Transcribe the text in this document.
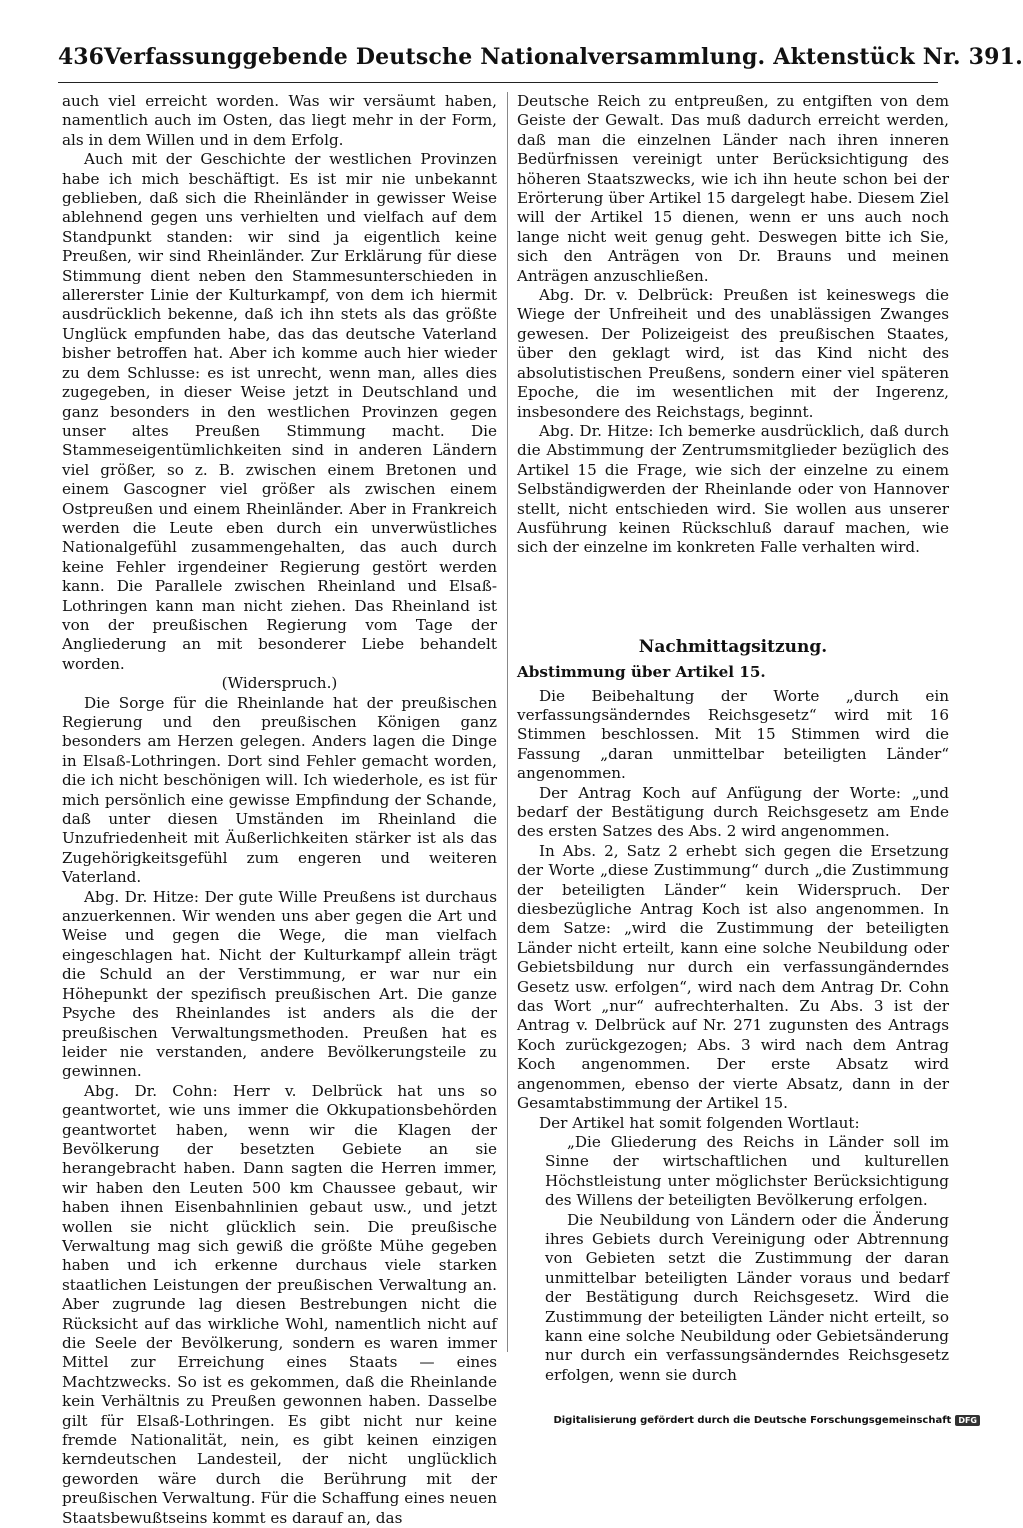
436 Verfassunggebende Deutsche Nationalversammlung. Aktenstück Nr. 391.

auch viel erreicht worden. Was wir versäumt haben, namentlich auch im Osten, das liegt mehr in der Form, als in dem Willen und in dem Erfolg.

Auch mit der Geschichte der westlichen Provinzen habe ich mich beschäftigt. Es ist mir nie unbekannt geblieben, daß sich die Rheinländer in gewisser Weise ablehnend gegen uns verhielten und vielfach auf dem Standpunkt standen: wir sind ja eigentlich keine Preußen, wir sind Rheinländer. Zur Erklärung für diese Stimmung dient neben den Stammesunterschieden in allererster Linie der Kulturkampf, von dem ich hiermit ausdrücklich bekenne, daß ich ihn stets als das größte Unglück empfunden habe, das das deutsche Vaterland bisher betroffen hat. Aber ich komme auch hier wieder zu dem Schlusse: es ist unrecht, wenn man, alles dies zugegeben, in dieser Weise jetzt in Deutschland und ganz besonders in den westlichen Provinzen gegen unser altes Preußen Stimmung macht. Die Stammeseigentümlichkeiten sind in anderen Ländern viel größer, so z. B. zwischen einem Bretonen und einem Gascogner viel größer als zwischen einem Ostpreußen und einem Rheinländer. Aber in Frankreich werden die Leute eben durch ein unverwüstliches Nationalgefühl zusammengehalten, das auch durch keine Fehler irgendeiner Regierung gestört werden kann. Die Parallele zwischen Rheinland und Elsaß-Lothringen kann man nicht ziehen. Das Rheinland ist von der preußischen Regierung vom Tage der Angliederung an mit besonderer Liebe behandelt worden.

(Widerspruch.)

Die Sorge für die Rheinlande hat der preußischen Regierung und den preußischen Königen ganz besonders am Herzen gelegen. Anders lagen die Dinge in Elsaß-Lothringen. Dort sind Fehler gemacht worden, die ich nicht beschönigen will. Ich wiederhole, es ist für mich persönlich eine gewisse Empfindung der Schande, daß unter diesen Umständen im Rheinland die Unzufriedenheit mit Äußerlichkeiten stärker ist als das Zugehörigkeitsgefühl zum engeren und weiteren Vaterland.

Abg. Dr. Hitze: Der gute Wille Preußens ist durchaus anzuerkennen. Wir wenden uns aber gegen die Art und Weise und gegen die Wege, die man vielfach eingeschlagen hat. Nicht der Kulturkampf allein trägt die Schuld an der Verstimmung, er war nur ein Höhepunkt der spezifisch preußischen Art. Die ganze Psyche des Rheinlandes ist anders als die der preußischen Verwaltungsmethoden. Preußen hat es leider nie verstanden, andere Bevölkerungsteile zu gewinnen.

Abg. Dr. Cohn: Herr v. Delbrück hat uns so geantwortet, wie uns immer die Okkupationsbehörden geantwortet haben, wenn wir die Klagen der Bevölkerung der besetzten Gebiete an sie herangebracht haben. Dann sagten die Herren immer, wir haben den Leuten 500 km Chaussee gebaut, wir haben ihnen Eisenbahnlinien gebaut usw., und jetzt wollen sie nicht glücklich sein. Die preußische Verwaltung mag sich gewiß die größte Mühe gegeben haben und ich erkenne durchaus viele starken staatlichen Leistungen der preußischen Verwaltung an. Aber zugrunde lag diesen Bestrebungen nicht die Rücksicht auf das wirkliche Wohl, namentlich nicht auf die Seele der Bevölkerung, sondern es waren immer Mittel zur Erreichung eines Staats — eines Machtzwecks. So ist es gekommen, daß die Rheinlande kein Verhältnis zu Preußen gewonnen haben. Dasselbe gilt für Elsaß-Lothringen. Es gibt nicht nur keine fremde Nationalität, nein, es gibt keinen einzigen kerndeutschen Landesteil, der nicht unglücklich geworden wäre durch die Berührung mit der preußischen Verwaltung. Für die Schaffung eines neuen Staatsbewußtseins kommt es darauf an, das

Deutsche Reich zu entpreußen, zu entgiften von dem Geiste der Gewalt. Das muß dadurch erreicht werden, daß man die einzelnen Länder nach ihren inneren Bedürfnissen vereinigt unter Berücksichtigung des höheren Staatszwecks, wie ich ihn heute schon bei der Erörterung über Artikel 15 dargelegt habe. Diesem Ziel will der Artikel 15 dienen, wenn er uns auch noch lange nicht weit genug geht. Deswegen bitte ich Sie, sich den Anträgen von Dr. Brauns und meinen Anträgen anzuschließen.

Abg. Dr. v. Delbrück: Preußen ist keineswegs die Wiege der Unfreiheit und des unablässigen Zwanges gewesen. Der Polizeigeist des preußischen Staates, über den geklagt wird, ist das Kind nicht des absolutistischen Preußens, sondern einer viel späteren Epoche, die im wesentlichen mit der Ingerenz, insbesondere des Reichstags, beginnt.

Abg. Dr. Hitze: Ich bemerke ausdrücklich, daß durch die Abstimmung der Zentrumsmitglieder bezüglich des Artikel 15 die Frage, wie sich der einzelne zu einem Selbständigwerden der Rheinlande oder von Hannover stellt, nicht entschieden wird. Sie wollen aus unserer Ausführung keinen Rückschluß darauf machen, wie sich der einzelne im konkreten Falle verhalten wird.

Nachmittagsitzung.

Abstimmung über Artikel 15.

Die Beibehaltung der Worte „durch ein verfassungsänderndes Reichsgesetz“ wird mit 16 Stimmen beschlossen. Mit 15 Stimmen wird die Fassung „daran unmittelbar beteiligten Länder“ angenommen.

Der Antrag Koch auf Anfügung der Worte: „und bedarf der Bestätigung durch Reichsgesetz am Ende des ersten Satzes des Abs. 2 wird angenommen.

In Abs. 2, Satz 2 erhebt sich gegen die Ersetzung der Worte „diese Zustimmung“ durch „die Zustimmung der beteiligten Länder“ kein Widerspruch. Der diesbezügliche Antrag Koch ist also angenommen. In dem Satze: „wird die Zustimmung der beteiligten Länder nicht erteilt, kann eine solche Neubildung oder Gebietsbildung nur durch ein verfassungänderndes Gesetz usw. erfolgen“, wird nach dem Antrag Dr. Cohn das Wort „nur“ aufrechterhalten. Zu Abs. 3 ist der Antrag v. Delbrück auf Nr. 271 zugunsten des Antrags Koch zurückgezogen; Abs. 3 wird nach dem Antrag Koch angenommen. Der erste Absatz wird angenommen, ebenso der vierte Absatz, dann in der Gesamtabstimmung der Artikel 15.

Der Artikel hat somit folgenden Wortlaut:

„Die Gliederung des Reichs in Länder soll im Sinne der wirtschaftlichen und kulturellen Höchstleistung unter möglichster Berücksichtigung des Willens der beteiligten Bevölkerung erfolgen.

Die Neubildung von Ländern oder die Änderung ihres Gebiets durch Vereinigung oder Abtrennung von Gebieten setzt die Zustimmung der daran unmittelbar beteiligten Länder voraus und bedarf der Bestätigung durch Reichsgesetz. Wird die Zustimmung der beteiligten Länder nicht erteilt, so kann eine solche Neubildung oder Gebietsänderung nur durch ein verfassungsänderndes Reichsgesetz erfolgen, wenn sie durch

Digitalisierung gefördert durch die Deutsche Forschungsgemeinschaft DFG
